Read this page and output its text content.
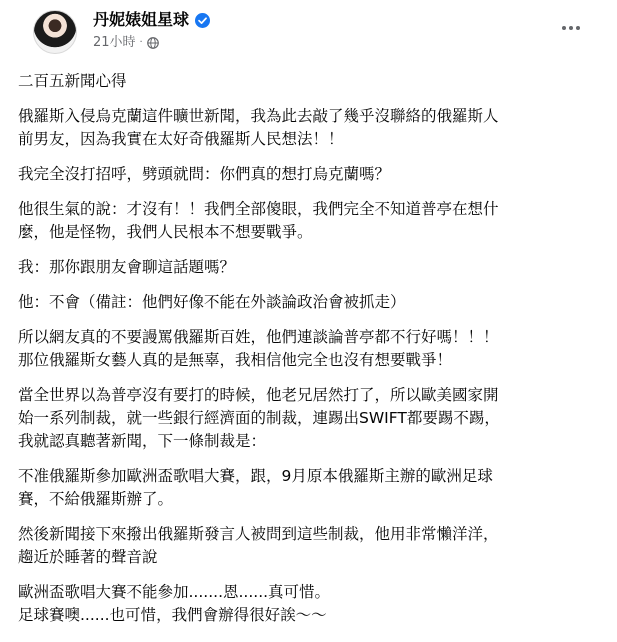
丹妮婊姐星球
21小時 ·
二百五新聞心得
俄羅斯入侵烏克蘭這件曠世新聞，我為此去敲了幾乎沒聯絡的俄羅斯人
前男友，因為我實在太好奇俄羅斯人民想法！！
我完全沒打招呼，劈頭就問：你們真的想打烏克蘭嗎？
他很生氣的說：才沒有！！我們全部傻眼，我們完全不知道普亭在想什
麼，他是怪物，我們人民根本不想要戰爭。
我：那你跟朋友會聊這話題嗎？
他：不會（備註：他們好像不能在外談論政治會被抓走）
所以網友真的不要謾罵俄羅斯百姓，他們連談論普亭都不行好嗎！！！
那位俄羅斯女藝人真的是無辜，我相信他完全也沒有想要戰爭！
當全世界以為普亭沒有要打的時候，他老兄居然打了，所以歐美國家開
始一系列制裁，就一些銀行經濟面的制裁，連踢出SWIFT都要踢不踢，
我就認真聽著新聞，下一條制裁是：
不准俄羅斯參加歐洲盃歌唱大賽，跟，9月原本俄羅斯主辦的歐洲足球
賽，不給俄羅斯辦了。
然後新聞接下來撥出俄羅斯發言人被問到這些制裁，他用非常懶洋洋，
趨近於睡著的聲音說
歐洲盃歌唱大賽不能參加.......恩......真可惜。
足球賽噢......也可惜，我們會辦得很好誒～～
